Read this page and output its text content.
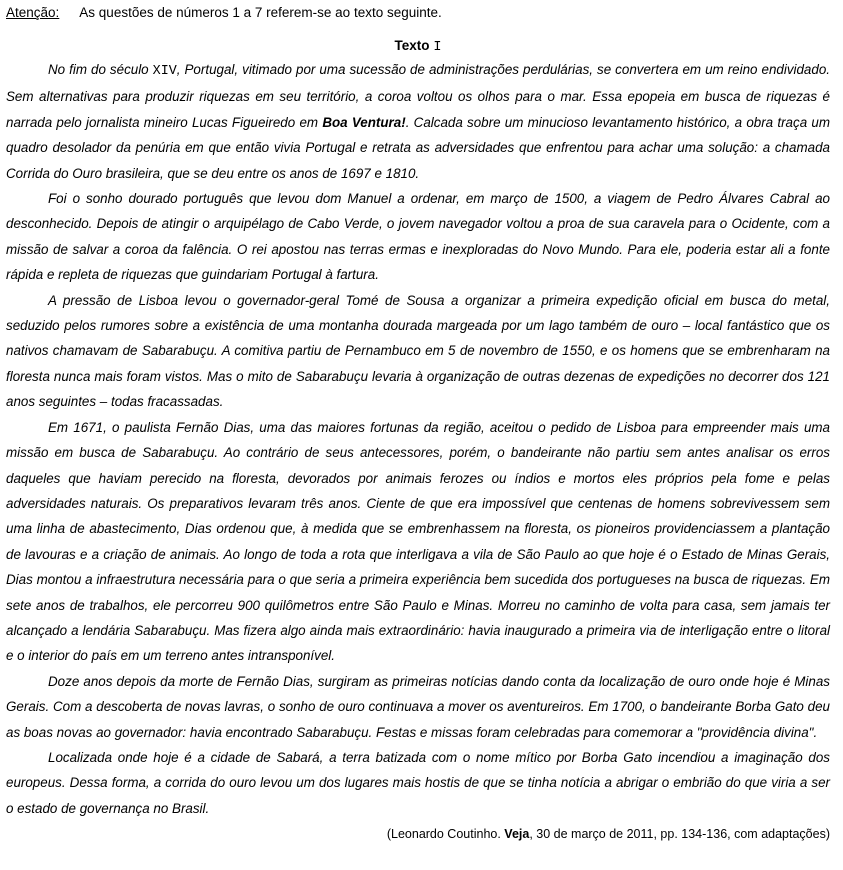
Atenção: As questões de números 1 a 7 referem-se ao texto seguinte.

Texto I

No fim do século XIV, Portugal, vitimado por uma sucessão de administrações perdulárias, se convertera em um reino endividado. Sem alternativas para produzir riquezas em seu território, a coroa voltou os olhos para o mar. Essa epopeia em busca de riquezas é narrada pelo jornalista mineiro Lucas Figueiredo em Boa Ventura!. Calcada sobre um minucioso levantamento histórico, a obra traça um quadro desolador da penúria em que então vivia Portugal e retrata as adversidades que enfrentou para achar uma solução: a chamada Corrida do Ouro brasileira, que se deu entre os anos de 1697 e 1810.

Foi o sonho dourado português que levou dom Manuel a ordenar, em março de 1500, a viagem de Pedro Álvares Cabral ao desconhecido. Depois de atingir o arquipélago de Cabo Verde, o jovem navegador voltou a proa de sua caravela para o Ocidente, com a missão de salvar a coroa da falência. O rei apostou nas terras ermas e inexploradas do Novo Mundo. Para ele, poderia estar ali a fonte rápida e repleta de riquezas que guindariam Portugal à fartura.

A pressão de Lisboa levou o governador-geral Tomé de Sousa a organizar a primeira expedição oficial em busca do metal, seduzido pelos rumores sobre a existência de uma montanha dourada margeada por um lago também de ouro – local fantástico que os nativos chamavam de Sabarabuçu. A comitiva partiu de Pernambuco em 5 de novembro de 1550, e os homens que se embrenharam na floresta nunca mais foram vistos. Mas o mito de Sabarabuçu levaria à organização de outras dezenas de expedições no decorrer dos 121 anos seguintes – todas fracassadas.

Em 1671, o paulista Fernão Dias, uma das maiores fortunas da região, aceitou o pedido de Lisboa para empreender mais uma missão em busca de Sabarabuçu. Ao contrário de seus antecessores, porém, o bandeirante não partiu sem antes analisar os erros daqueles que haviam perecido na floresta, devorados por animais ferozes ou índios e mortos eles próprios pela fome e pelas adversidades naturais. Os preparativos levaram três anos. Ciente de que era impossível que centenas de homens sobrevivessem sem uma linha de abastecimento, Dias ordenou que, à medida que se embrenhassem na floresta, os pioneiros providenciassem a plantação de lavouras e a criação de animais. Ao longo de toda a rota que interligava a vila de São Paulo ao que hoje é o Estado de Minas Gerais, Dias montou a infraestrutura necessária para o que seria a primeira experiência bem sucedida dos portugueses na busca de riquezas. Em sete anos de trabalhos, ele percorreu 900 quilômetros entre São Paulo e Minas. Morreu no caminho de volta para casa, sem jamais ter alcançado a lendária Sabarabuçu. Mas fizera algo ainda mais extraordinário: havia inaugurado a primeira via de interligação entre o litoral e o interior do país em um terreno antes intransponível.

Doze anos depois da morte de Fernão Dias, surgiram as primeiras notícias dando conta da localização de ouro onde hoje é Minas Gerais. Com a descoberta de novas lavras, o sonho de ouro continuava a mover os aventureiros. Em 1700, o bandeirante Borba Gato deu as boas novas ao governador: havia encontrado Sabarabuçu. Festas e missas foram celebradas para comemorar a "providência divina".

Localizada onde hoje é a cidade de Sabará, a terra batizada com o nome mítico por Borba Gato incendiou a imaginação dos europeus. Dessa forma, a corrida do ouro levou um dos lugares mais hostis de que se tinha notícia a abrigar o embrião do que viria a ser o estado de governança no Brasil.

(Leonardo Coutinho. Veja, 30 de março de 2011, pp. 134-136, com adaptações)
